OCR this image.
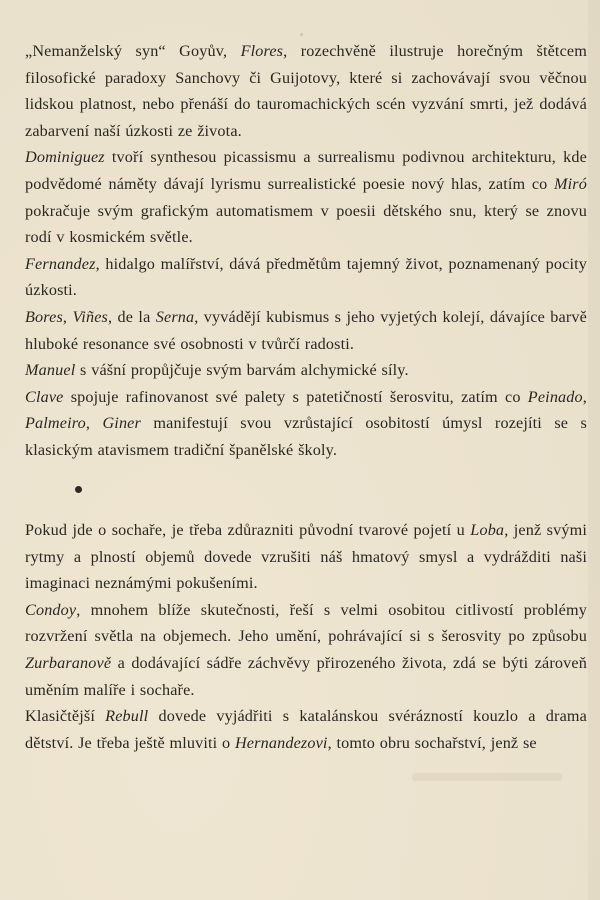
„Nemanželský syn“ Goyův, Flores, rozechvěně ilustruje horečným štětcem filosofické paradoxy Sanchovy či Guijotovy, které si zachovávají svou věčnou lidskou platnost, nebo přenáší do tauromachických scén vyzvání smrti, jež dodává zabarvení naší úzkosti ze života.

Dominiguez tvoří synthesou picassismu a surrealismu podivnou architekturu, kde podvědomé náměty dávají lyrismu surrealistické poesie nový hlas, zatím co Miró pokračuje svým grafickým automatismem v poesii dětského snu, který se znovu rodí v kosmickém světle.

Fernandez, hidalgo malířství, dává předmětům tajemný život, poznamenaný pocity úzkosti.

Bores, Viñes, de la Serna, vyvádějí kubismus s jeho vyjetých kolejí, dávajíce barvě hluboké resonance své osobnosti v tvůrčí radosti.

Manuel s vášní propůjčuje svým barvám alchymické síly.

Clave spojuje rafinovanost své palety s patetičností šerosvitu, zatím co Peinado, Palmeiro, Giner manifestují svou vzrůstající osobitostí úmysl rozejíti se s klasickým atavismem tradiční španělské školy.

Pokud jde o sochaře, je třeba zdůrazniti původní tvarové pojetí u Loba, jenž svými rytmy a plností objemů dovede vzrušiti náš hmatový smysl a vydrážditi naši imaginaci neznámými pokušeními.

Condoy, mnohem blíže skutečnosti, řeší s velmi osobitou citlivostí problémy rozvržení světla na objemech. Jeho umění, pohrávající si s šerosvity po způsobu Zurbaranově a dodávající sádře záchvěvy přirozeného života, zdá se býti zároveň uměním malíře i sochaře.

Klasičtější Rebull dovede vyjádřiti s katalánskou svérázností kouzlo a drama dětství. Je třeba ještě mluviti o Hernandezovi, tomto obru sochařství, jenž se
